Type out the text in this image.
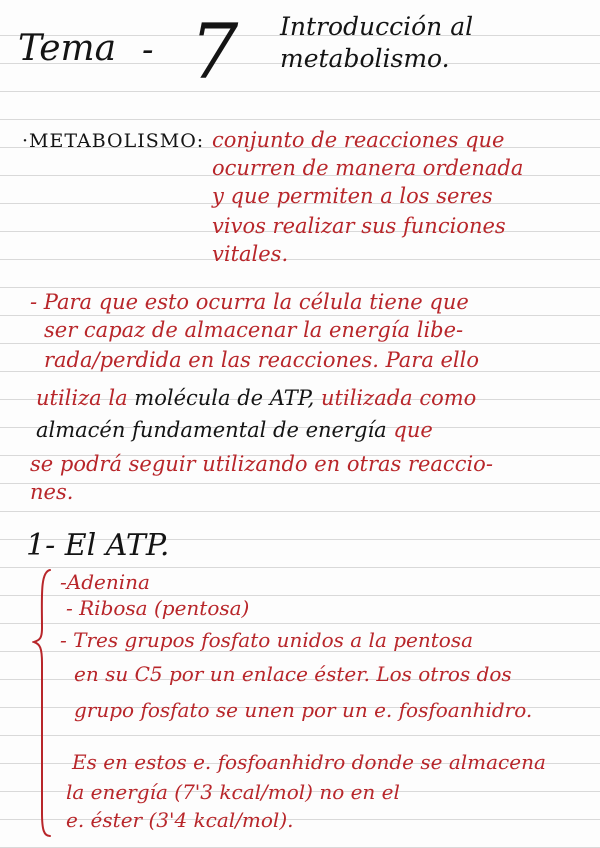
Tema - 7 Introducción al
metabolismo.
·METABOLISMO: conjunto de reacciones que
ocurren de manera ordenada
y que permiten a los seres
vivos realizar sus funciones
vitales.
- Para que esto ocurra la célula tiene que
ser capaz de almacenar la energía libe-
rada/perdida en las reacciones. Para ello
utiliza la molécula de ATP, utilizada como
almacén fundamental de energía que
se podrá seguir utilizando en otras reaccio-
nes.
1- El ATP.
-Adenina
- Ribosa (pentosa)
- Tres grupos fosfato unidos a la pentosa
en su C5 por un enlace éster. Los otros dos
grupo fosfato se unen por un e. fosfoanhidro.
Es en estos e. fosfoanhidro donde se almacena
la energía (7'3 kcal/mol) no en el
e. éster (3'4 kcal/mol).
